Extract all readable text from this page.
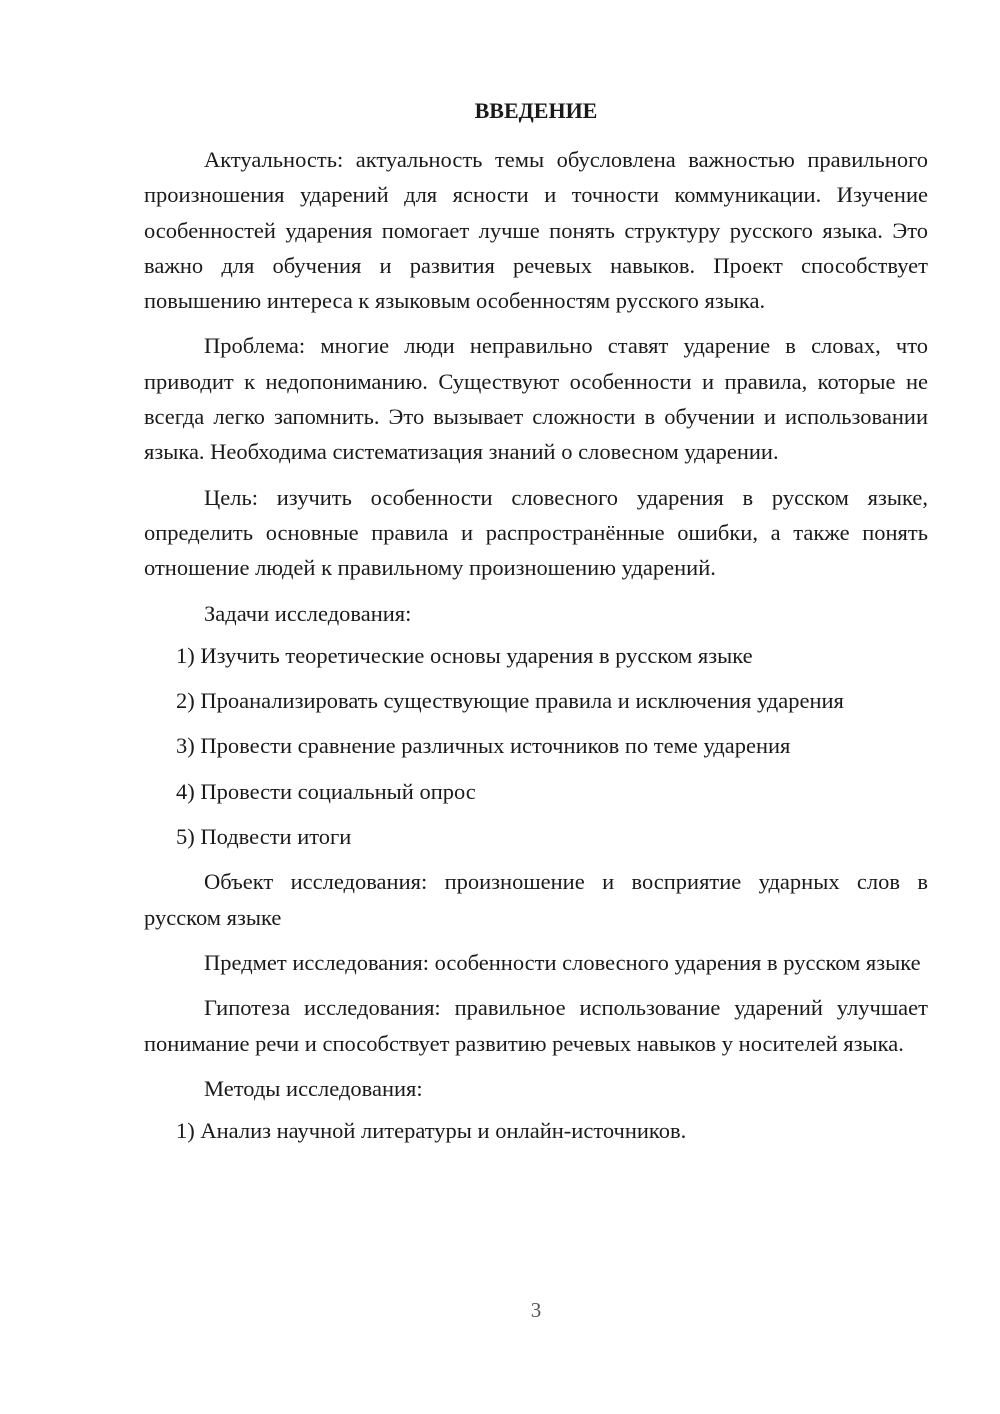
ВВЕДЕНИЕ

Актуальность: актуальность темы обусловлена важностью правильного произношения ударений для ясности и точности коммуникации. Изучение особенностей ударения помогает лучше понять структуру русского языка. Это важно для обучения и развития речевых навыков. Проект способствует повышению интереса к языковым особенностям русского языка.

Проблема: многие люди неправильно ставят ударение в словах, что приводит к недопониманию. Существуют особенности и правила, которые не всегда легко запомнить. Это вызывает сложности в обучении и использовании языка. Необходима систематизация знаний о словесном ударении.

Цель: изучить особенности словесного ударения в русском языке, определить основные правила и распространённые ошибки, а также понять отношение людей к правильному произношению ударений.

Задачи исследования:

1) Изучить теоретические основы ударения в русском языке

2) Проанализировать существующие правила и исключения ударения

3) Провести сравнение различных источников по теме ударения

4) Провести социальный опрос

5) Подвести итоги

Объект исследования: произношение и восприятие ударных слов в русском языке

Предмет исследования: особенности словесного ударения в русском языке

Гипотеза исследования: правильное использование ударений улучшает понимание речи и способствует развитию речевых навыков у носителей языка.

Методы исследования:

1) Анализ научной литературы и онлайн-источников.

3
